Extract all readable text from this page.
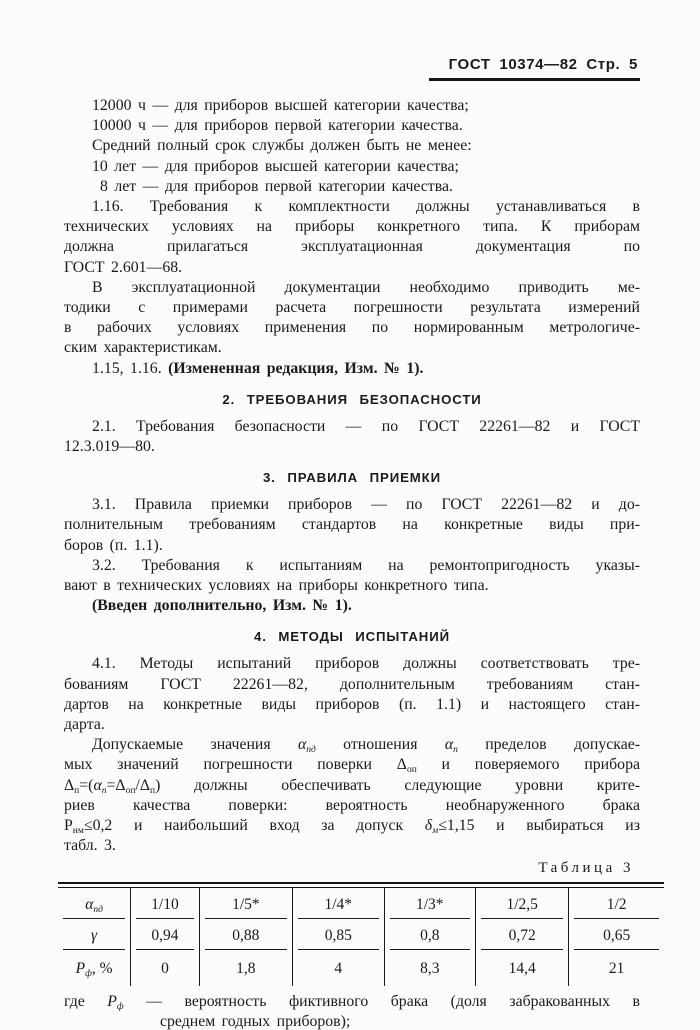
ГОСТ 10374—82 Стр. 5
12000 ч — для приборов высшей категории качества;
10000 ч — для приборов первой категории качества.
Средний полный срок службы должен быть не менее:
10 лет — для приборов высшей категории качества;
8 лет — для приборов первой категории качества.
1.16. Требования к комплектности должны устанавливаться в
технических условиях на приборы конкретного типа. К приборам
должна прилагаться эксплуатационная документация по
ГОСТ 2.601—68.
В эксплуатационной документации необходимо приводить ме-
тодики с примерами расчета погрешности результата измерений
в рабочих условиях применения по нормированным метрологиче-
ским характеристикам.
1.15, 1.16. (Измененная редакция, Изм. № 1).
2. ТРЕБОВАНИЯ БЕЗОПАСНОСТИ
2.1. Требования безопасности — по ГОСТ 22261—82 и ГОСТ
12.3.019—80.
3. ПРАВИЛА ПРИЕМКИ
3.1. Правила приемки приборов — по ГОСТ 22261—82 и до-
полнительным требованиям стандартов на конкретные виды при-
боров (п. 1.1).
3.2. Требования к испытаниям на ремонтопригодность указы-
вают в технических условиях на приборы конкретного типа.
(Введен дополнительно, Изм. № 1).
4. МЕТОДЫ ИСПЫТАНИЙ
4.1. Методы испытаний приборов должны соответствовать тре-
бованиям ГОСТ 22261—82, дополнительным требованиям стан-
дартов на конкретные виды приборов (п. 1.1) и настоящего стан-
дарта.
Допускаемые значения $\alpha_{пд}$ отношения $\alpha_п$ пределов допускае-
мых значений погрешности поверки $\Delta_{оп}$ и поверяемого прибора
$\Delta_п=(\alpha_п=\Delta_{оп}/\Delta_п)$ должны обеспечивать следующие уровни крите-
риев качества поверки: вероятность необнаруженного брака
$Р_{нм}\le 0,2$ и наибольший вход за допуск $\delta_м\le 1,15$ и выбираться из
табл. 3.
Таблица 3
$\alpha_{пд}$	1/10	1/5*	1/4*	1/3*	1/2,5	1/2

γ	0,94	0,88	0,85	0,8	0,72	0,65

$P_ф$, %	0	1,8	4	8,3	14,4	21
где $P_ф$ — вероятность фиктивного брака (доля забракованных в
среднем годных приборов);
